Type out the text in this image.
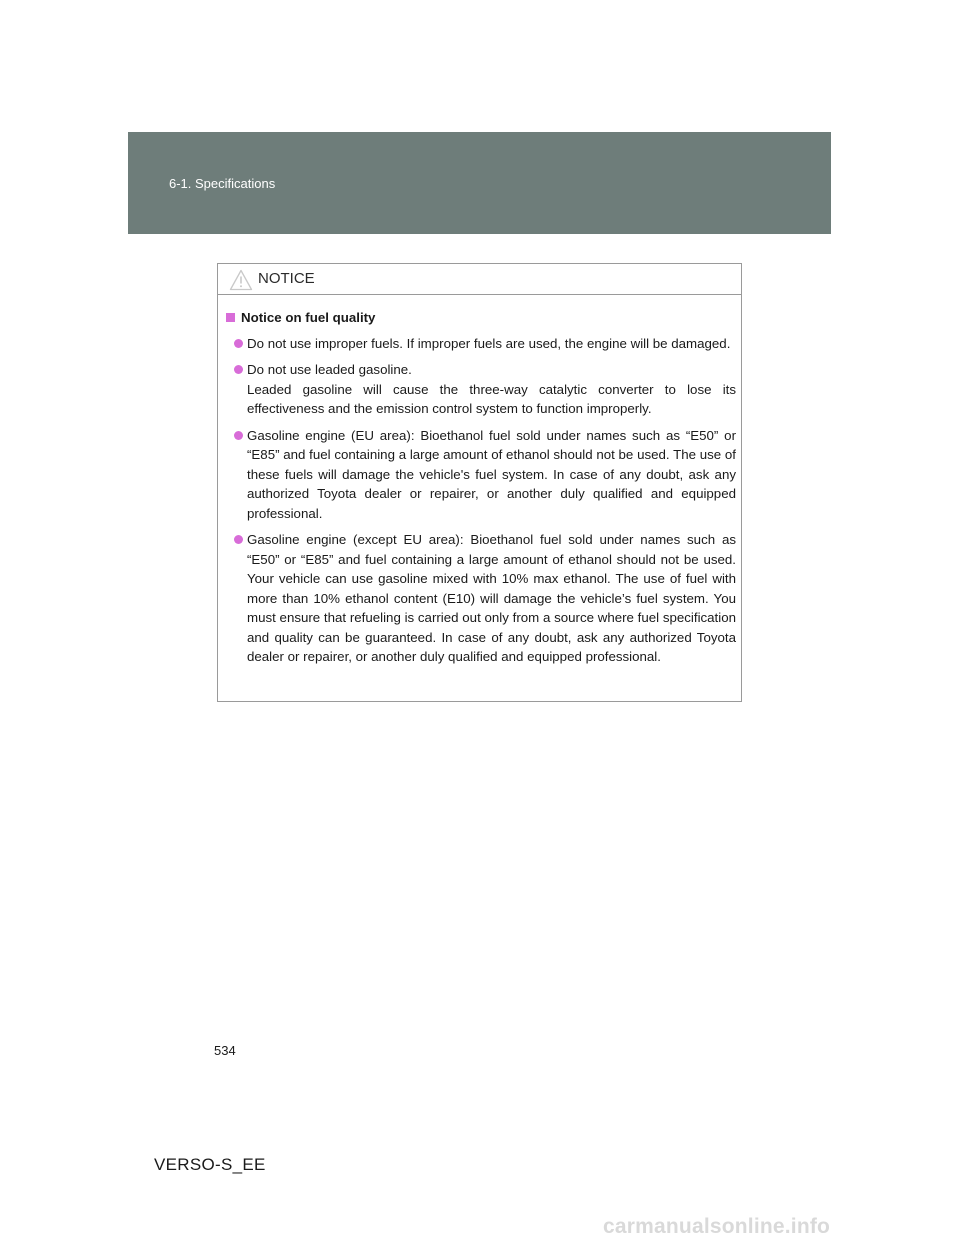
6-1. Specifications
NOTICE
Notice on fuel quality
Do not use improper fuels. If improper fuels are used, the engine will be damaged.
Do not use leaded gasoline.
Leaded gasoline will cause the three-way catalytic converter to lose its effectiveness and the emission control system to function improperly.
Gasoline engine (EU area): Bioethanol fuel sold under names such as “E50” or “E85” and fuel containing a large amount of ethanol should not be used. The use of these fuels will damage the vehicle's fuel system. In case of any doubt, ask any authorized Toyota dealer or repairer, or another duly qualified and equipped professional.
Gasoline engine (except EU area): Bioethanol fuel sold under names such as “E50” or “E85” and fuel containing a large amount of ethanol should not be used. Your vehicle can use gasoline mixed with 10% max ethanol. The use of fuel with more than 10% ethanol content (E10) will damage the vehicle’s fuel system. You must ensure that refueling is carried out only from a source where fuel specification and quality can be guaranteed. In case of any doubt, ask any authorized Toyota dealer or repairer, or another duly qualified and equipped professional.
534
VERSO-S_EE
carmanualsonline.info
